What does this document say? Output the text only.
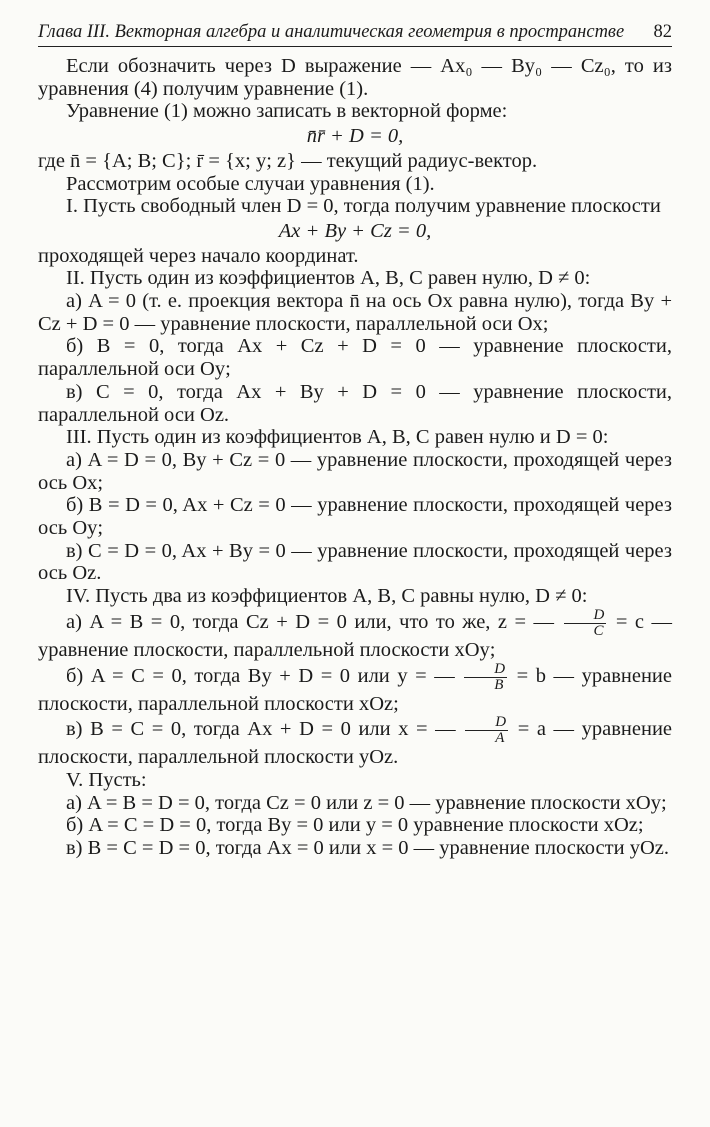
Глава III. Векторная алгебра и аналитическая геометрия в пространстве 82
Если обозначить через D выражение — Ax₀ — By₀ — Cz₀, то из уравнения (4) получим уравнение (1).
Уравнение (1) можно записать в векторной форме:
n̄r̄ + D = 0,
где n̄ = {A; B; C}; r̄ = {x; y; z} — текущий радиус-вектор.
Рассмотрим особые случаи уравнения (1).
I. Пусть свободный член D = 0, тогда получим уравнение плоскости
Ax + By + Cz = 0,
проходящей через начало координат.
II. Пусть один из коэффициентов A, B, C равен нулю, D ≠ 0:
а) A = 0 (т. е. проекция вектора n̄ на ось Ox равна нулю), тогда By + Cz + D = 0 — уравнение плоскости, параллельной оси Ox;
б) B = 0, тогда Ax + Cz + D = 0 — уравнение плоскости, параллельной оси Oy;
в) C = 0, тогда Ax + By + D = 0 — уравнение плоскости, параллельной оси Oz.
III. Пусть один из коэффициентов A, B, C равен нулю и D = 0:
а) A = D = 0, By + Cz = 0 — уравнение плоскости, проходящей через ось Ox;
б) B = D = 0, Ax + Cz = 0 — уравнение плоскости, проходящей через ось Oy;
в) C = D = 0, Ax + By = 0 — уравнение плоскости, проходящей через ось Oz.
IV. Пусть два из коэффициентов A, B, C равны нулю, D ≠ 0:
а) A = B = 0, тогда Cz + D = 0 или, что то же, z = — $\frac{D}{C} = c$ — уравнение плоскости, параллельной плоскости xOy;
б) A = C = 0, тогда By + D = 0 или y = — $\frac{D}{B} = b$ — уравнение плоскости, параллельной плоскости xOz;
в) B = C = 0, тогда Ax + D = 0 или x = — $\frac{D}{A} = a$ — уравнение плоскости, параллельной плоскости yOz.
V. Пусть:
а) A = B = D = 0, тогда Cz = 0 или z = 0 — уравнение плоскости xOy;
б) A = C = D = 0, тогда By = 0 или y = 0 уравнение плоскости xOz;
в) B = C = D = 0, тогда Ax = 0 или x = 0 — уравнение плоскости yOz.
